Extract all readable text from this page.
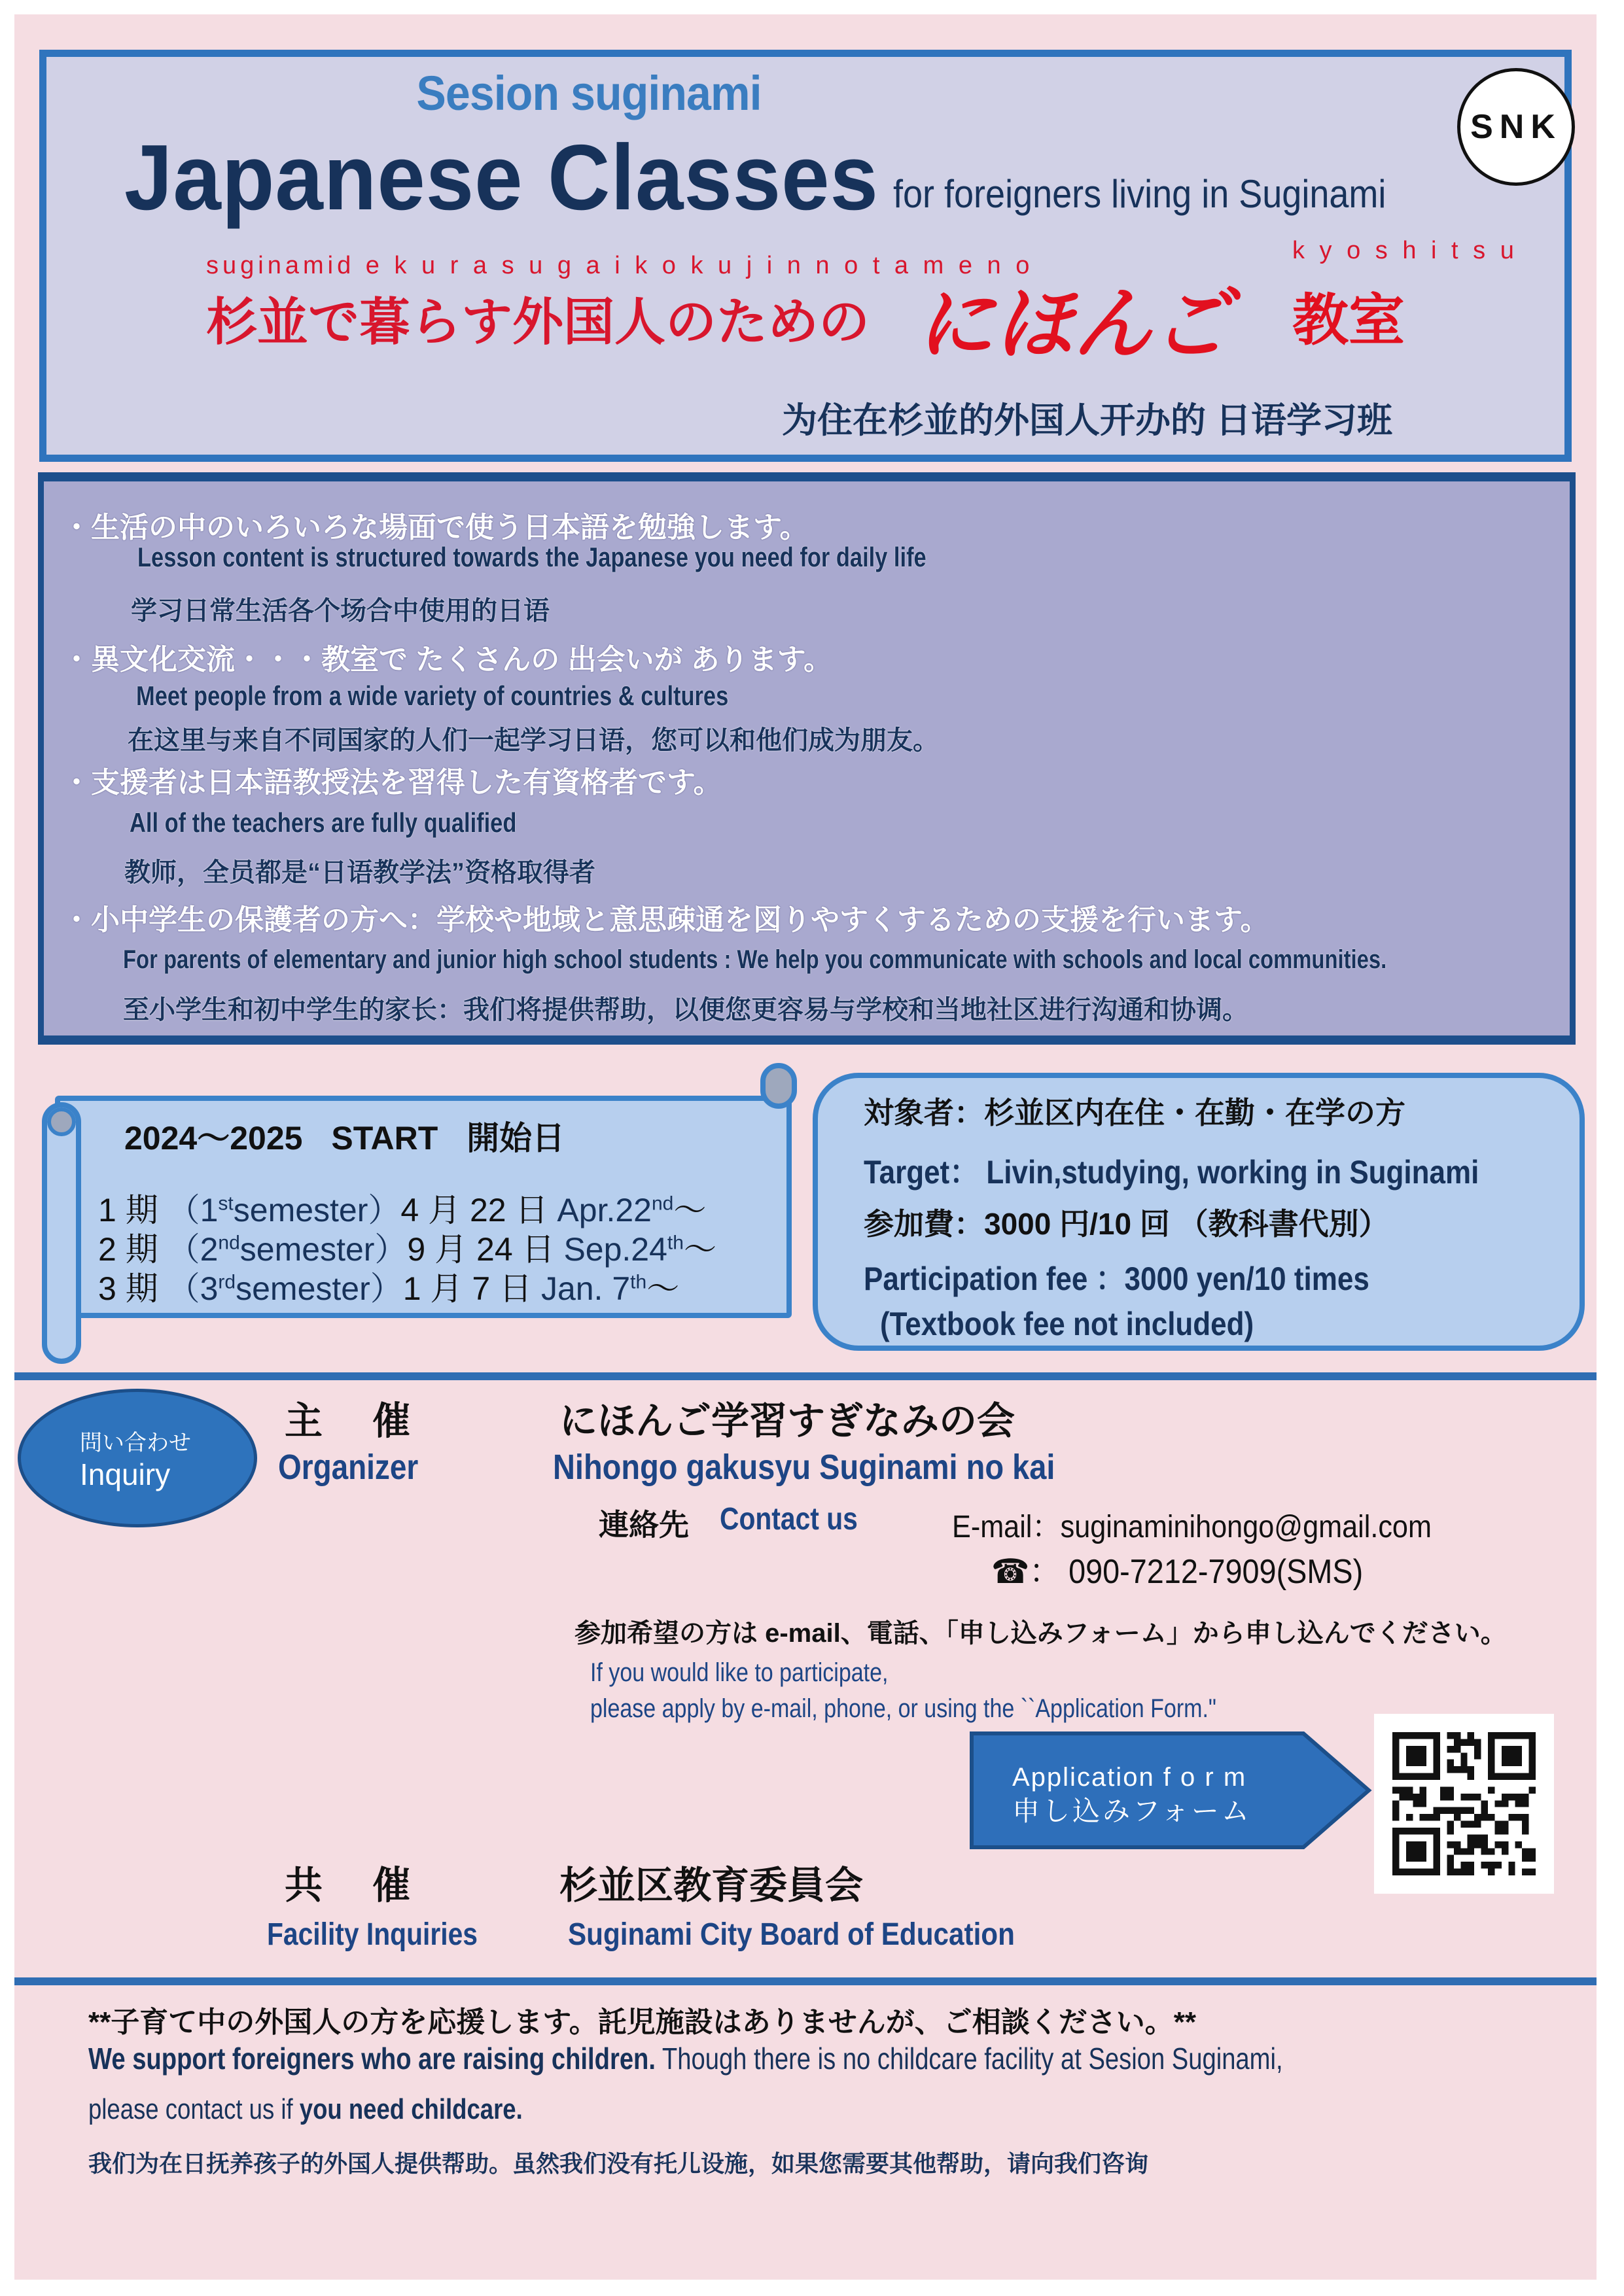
Sesion suginami
Japanese Classes for foreigners living in Suginami
SNK
suginamid e k u r a s u g a i k o k u j i n n o t a m e n o
k y o s h i t s u
杉並で暮らす外国人のための にほんご 教室
为住在杉並的外国人开办的 日语学习班
・生活の中のいろいろな場面で使う日本語を勉強します。
Lesson content is structured towards the Japanese you need for daily life
学习日常生活各个场合中使用的日语
・異文化交流・・・教室で たくさんの 出会いが あります。
Meet people from a wide variety of countries & cultures
在这里与来自不同国家的人们一起学习日语，您可以和他们成为朋友。
・支援者は日本語教授法を習得した有資格者です。
All of the teachers are fully qualified
教师，全员都是“日语教学法”资格取得者
・小中学生の保護者の方へ：学校や地域と意思疎通を図りやすくするための支援を行います。
For parents of elementary and junior high school students : We help you communicate with schools and local communities.
至小学生和初中学生的家长：我们将提供帮助，以便您更容易与学校和当地社区进行沟通和协调。
2024～2025 START 開始日
1 期 （1stsemester）4 月 22 日 Apr.22nd～
2 期 （2ndsemester）9 月 24 日 Sep.24th～
3 期 （3rdsemester）1 月 7 日 Jan. 7th～
対象者：杉並区内在住・在勤・在学の方
Target： Livin,studying, working in Suginami
参加費：3000 円/10 回 （教科書代別）
Participation fee ：3000 yen/10 times
(Textbook fee not included)
問い合わせ
Inquiry
主 催	にほんご学習すぎなみの会
Organizer	Nihongo gakusyu Suginami no kai
連絡先 Contact us	E-mail：suginaminihongo@gmail.com
☎： 090-7212-7909(SMS)
参加希望の方は e-mail、電話、「申し込みフォーム」から申し込んでください。
If you would like to participate,
please apply by e-mail, phone, or using the ``Application Form."
Application f o r m
申し込みフォーム
共 催	杉並区教育委員会
Facility Inquiries	Suginami City Board of Education
**子育て中の外国人の方を応援します。託児施設はありませんが、ご相談ください。**
We support foreigners who are raising children. Though there is no childcare facility at Sesion Suginami,
please contact us if you need childcare.
我们为在日抚养孩子的外国人提供帮助。虽然我们没有托儿设施，如果您需要其他帮助，请向我们咨询
